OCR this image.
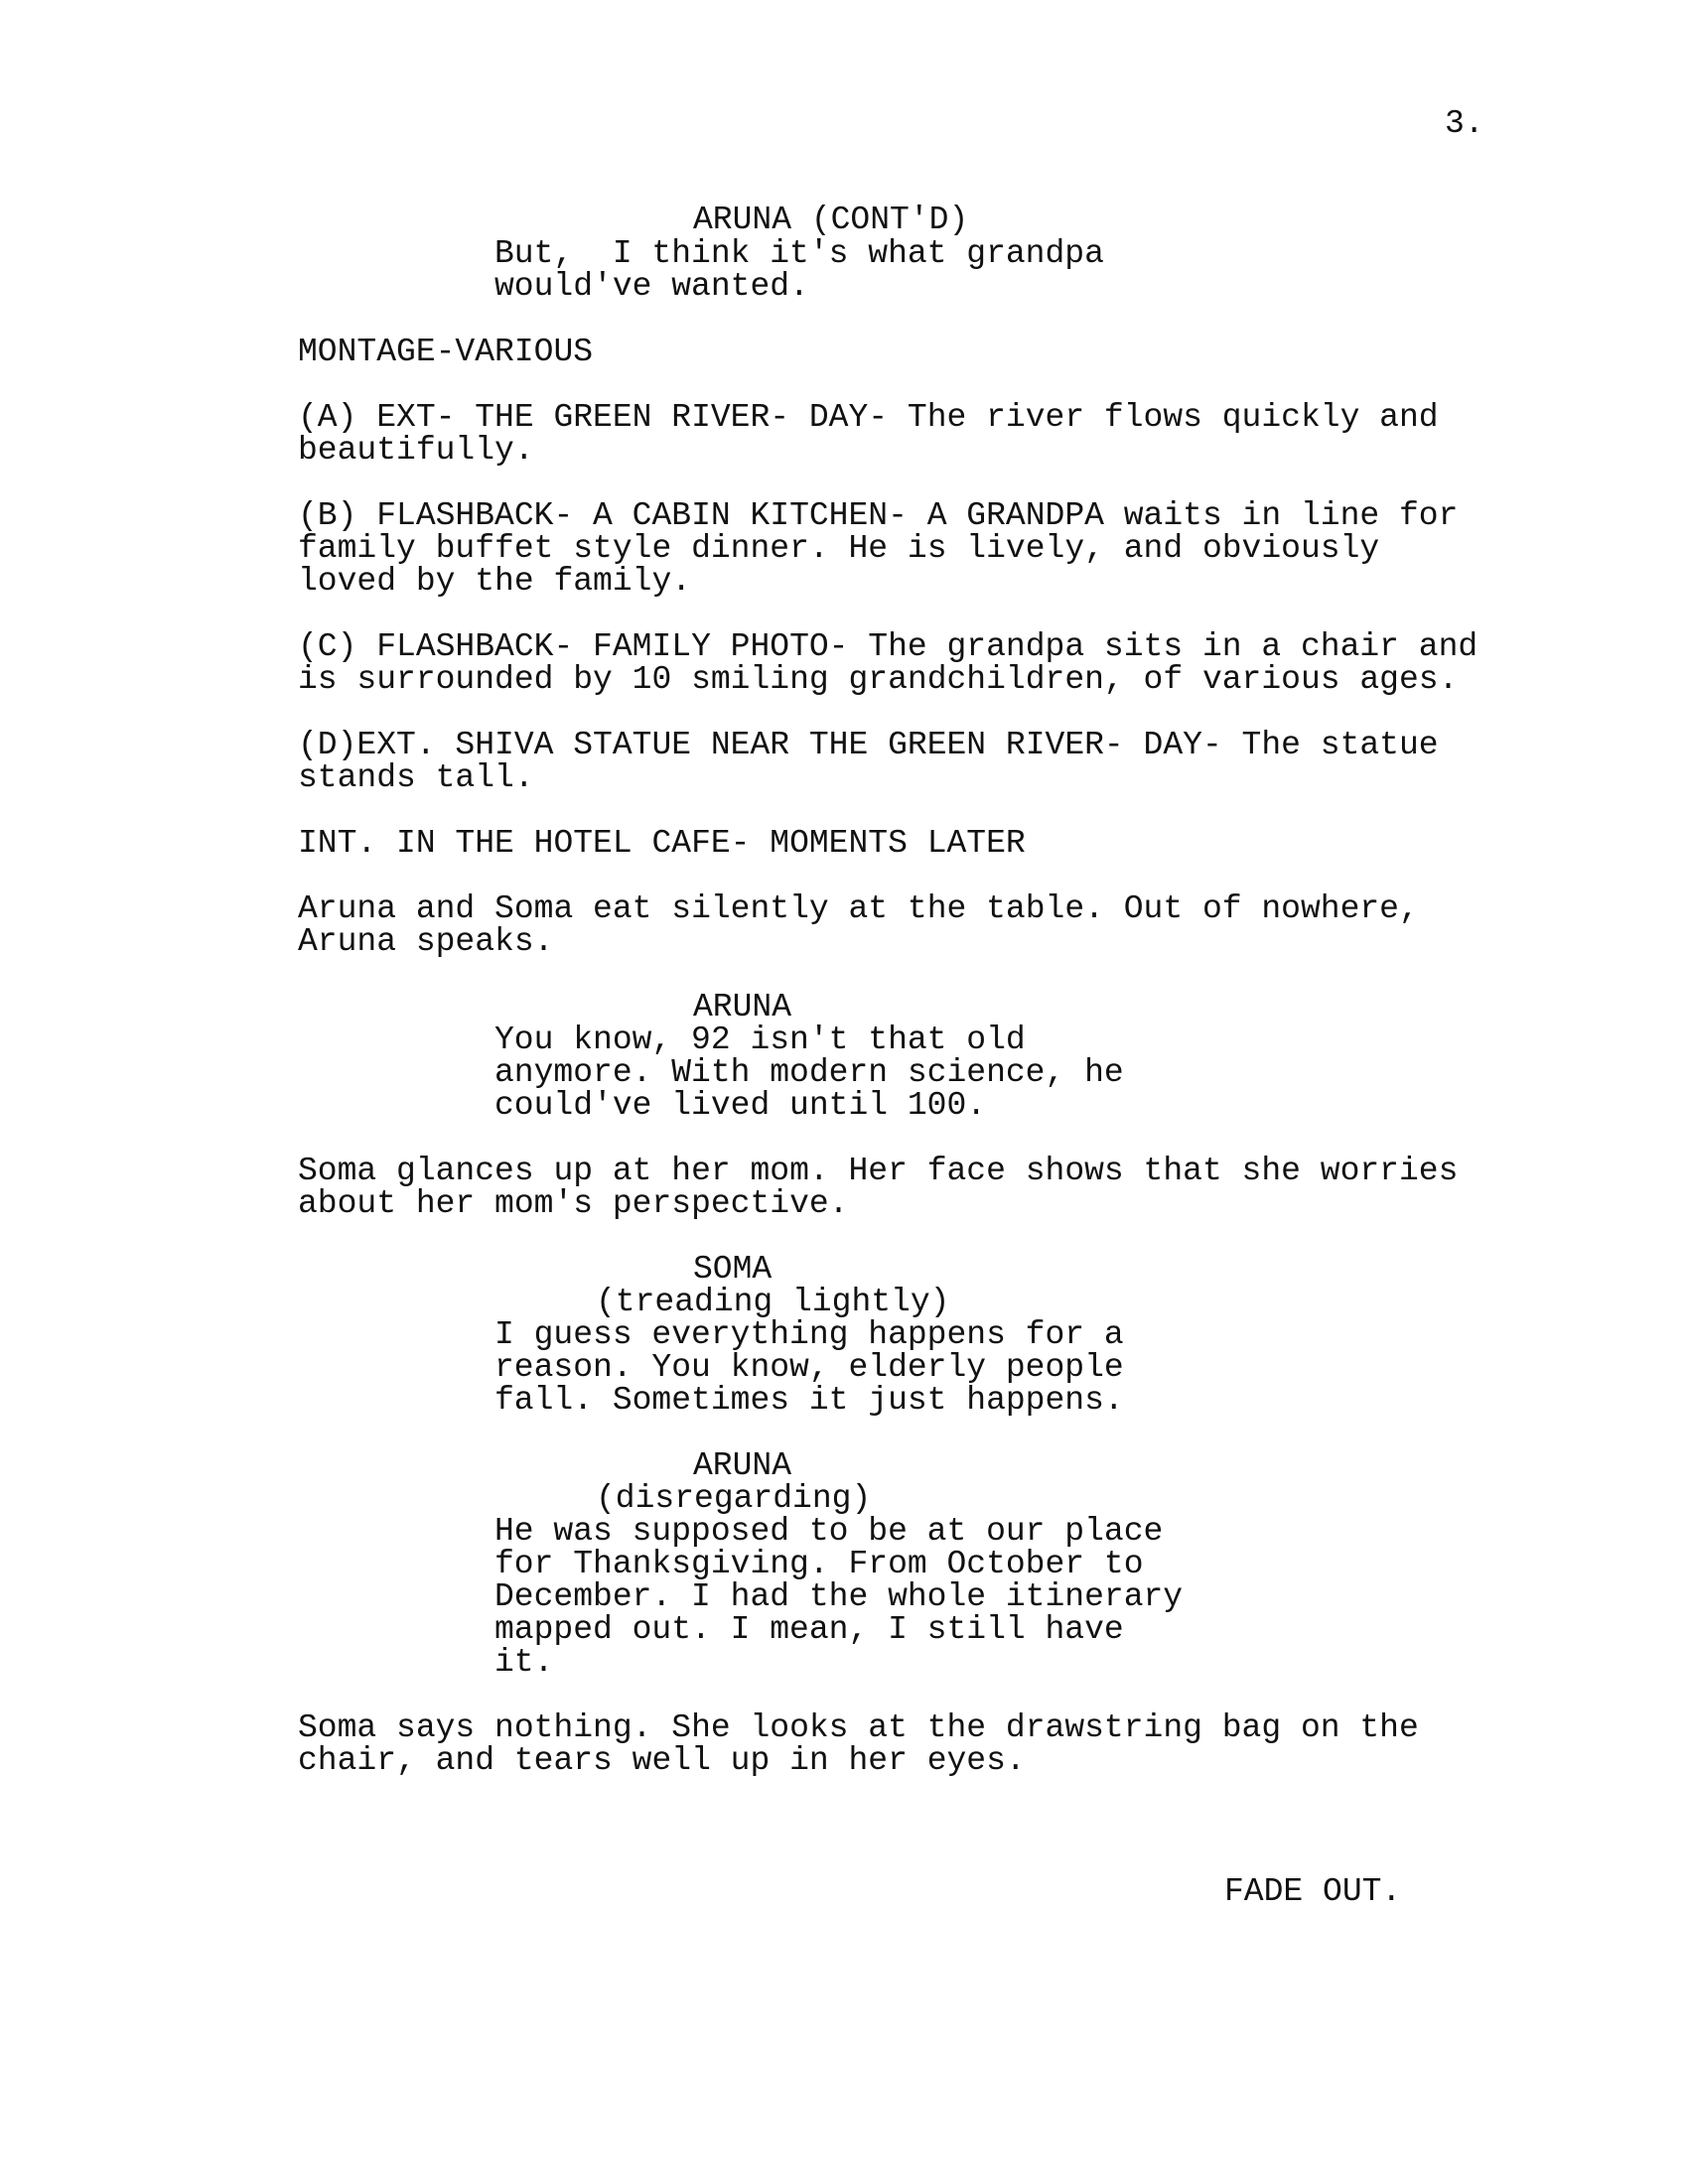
3.
ARUNA (CONT'D)
But,  I think it's what grandpa
would've wanted.
MONTAGE-VARIOUS
(A) EXT- THE GREEN RIVER- DAY- The river flows quickly and
beautifully.
(B) FLASHBACK- A CABIN KITCHEN- A GRANDPA waits in line for
family buffet style dinner. He is lively, and obviously
loved by the family.
(C) FLASHBACK- FAMILY PHOTO- The grandpa sits in a chair and
is surrounded by 10 smiling grandchildren, of various ages.
(D)EXT. SHIVA STATUE NEAR THE GREEN RIVER- DAY- The statue
stands tall.
INT. IN THE HOTEL CAFE- MOMENTS LATER
Aruna and Soma eat silently at the table. Out of nowhere,
Aruna speaks.
ARUNA
You know, 92 isn't that old
anymore. With modern science, he
could've lived until 100.
Soma glances up at her mom. Her face shows that she worries
about her mom's perspective.
SOMA
(treading lightly)
I guess everything happens for a
reason. You know, elderly people
fall. Sometimes it just happens.
ARUNA
(disregarding)
He was supposed to be at our place
for Thanksgiving. From October to
December. I had the whole itinerary
mapped out. I mean, I still have
it.
Soma says nothing. She looks at the drawstring bag on the
chair, and tears well up in her eyes.
FADE OUT.
